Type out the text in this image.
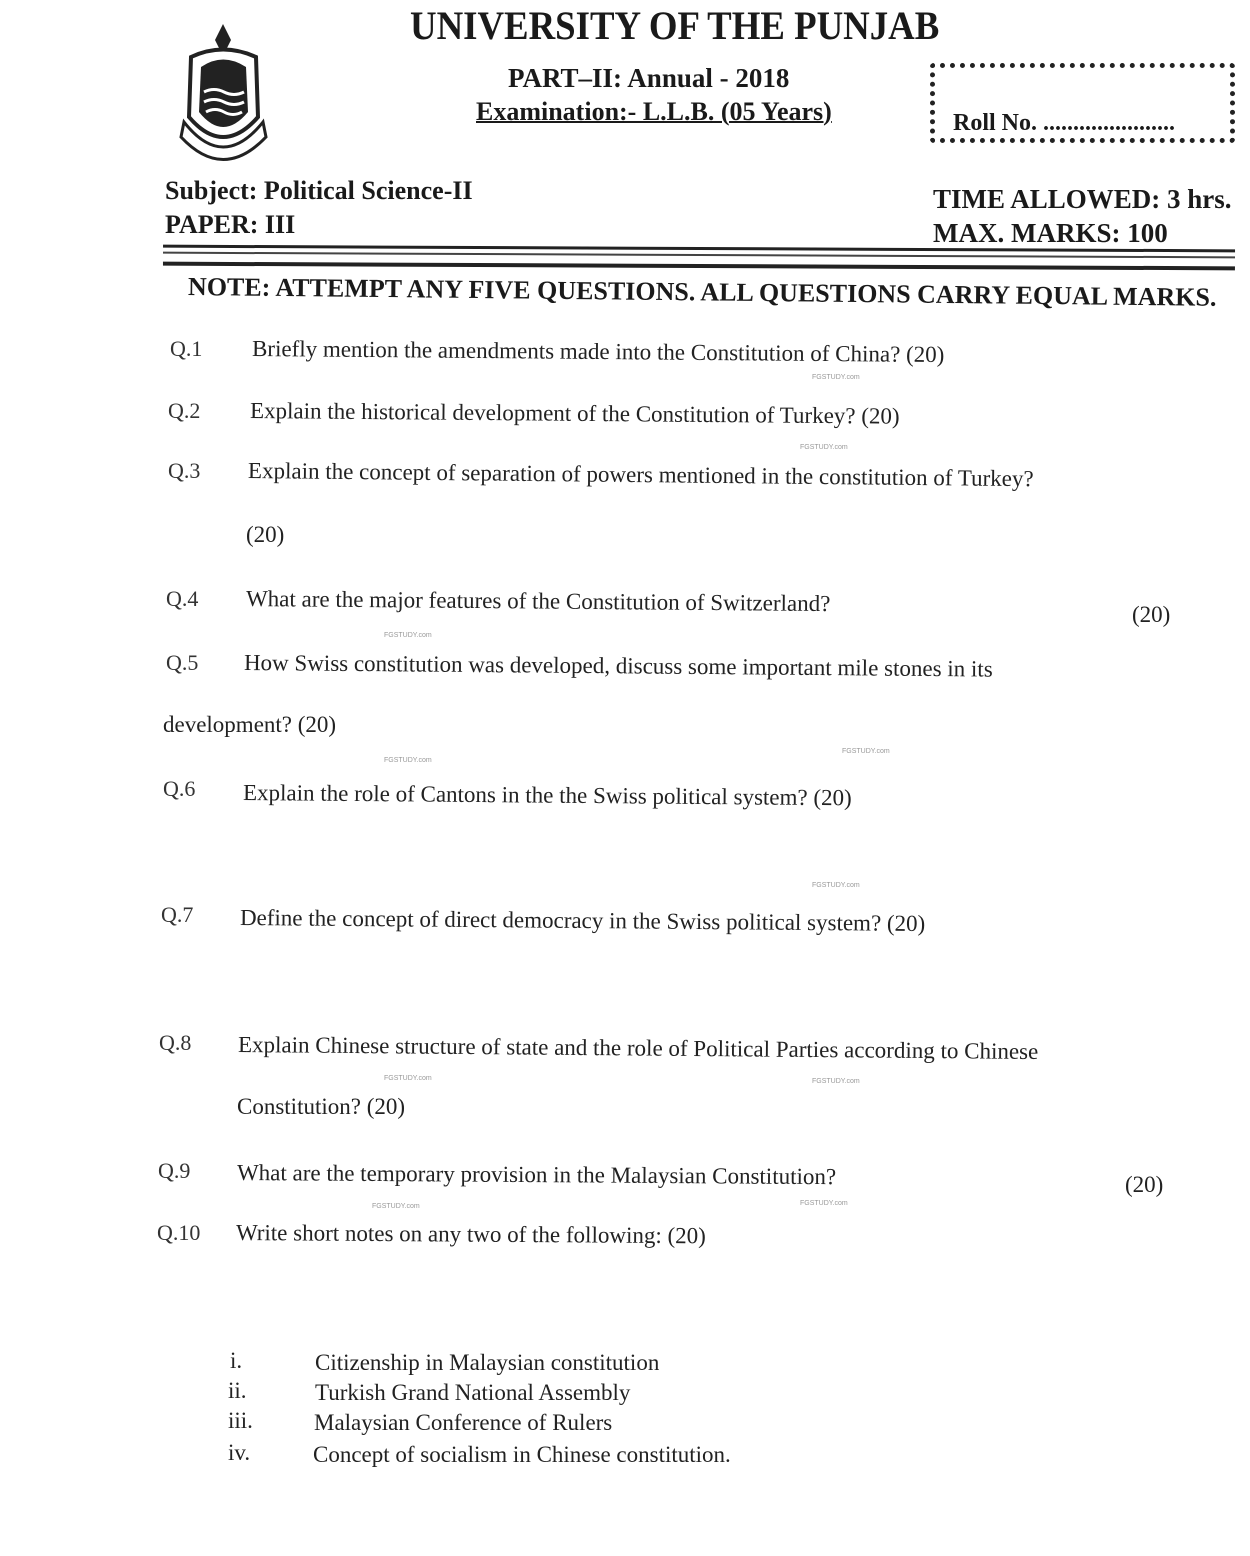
UNIVERSITY OF THE PUNJAB
PART–II: Annual - 2018
Examination:- L.L.B. (05 Years)	Roll No. ......................
Subject: Political Science-II
PAPER: III
TIME ALLOWED: 3 hrs.
MAX. MARKS: 100
NOTE: ATTEMPT ANY FIVE QUESTIONS. ALL QUESTIONS CARRY EQUAL MARKS.
Q.1 Briefly mention the amendments made into the Constitution of China? (20)
Q.2 Explain the historical development of the Constitution of Turkey? (20)
Q.3 Explain the concept of separation of powers mentioned in the constitution of Turkey?
(20)
Q.4 What are the major features of the Constitution of Switzerland?	(20)
Q.5 How Swiss constitution was developed, discuss some important mile stones in its
development? (20)
Q.6 Explain the role of Cantons in the the Swiss political system? (20)
Q.7 Define the concept of direct democracy in the Swiss political system? (20)
Q.8 Explain Chinese structure of state and the role of Political Parties according to Chinese
Constitution? (20)
Q.9 What are the temporary provision in the Malaysian Constitution?	(20)
Q.10 Write short notes on any two of the following: (20)
i.	Citizenship in Malaysian constitution
ii.	Turkish Grand National Assembly
iii.	Malaysian Conference of Rulers
iv.	Concept of socialism in Chinese constitution.
FGSTUDY.com
FGSTUDY.com
FGSTUDY.com
FGSTUDY.com
FGSTUDY.com
FGSTUDY.com
FGSTUDY.com	FGSTUDY.com
FGSTUDY.com	FGSTUDY.com
